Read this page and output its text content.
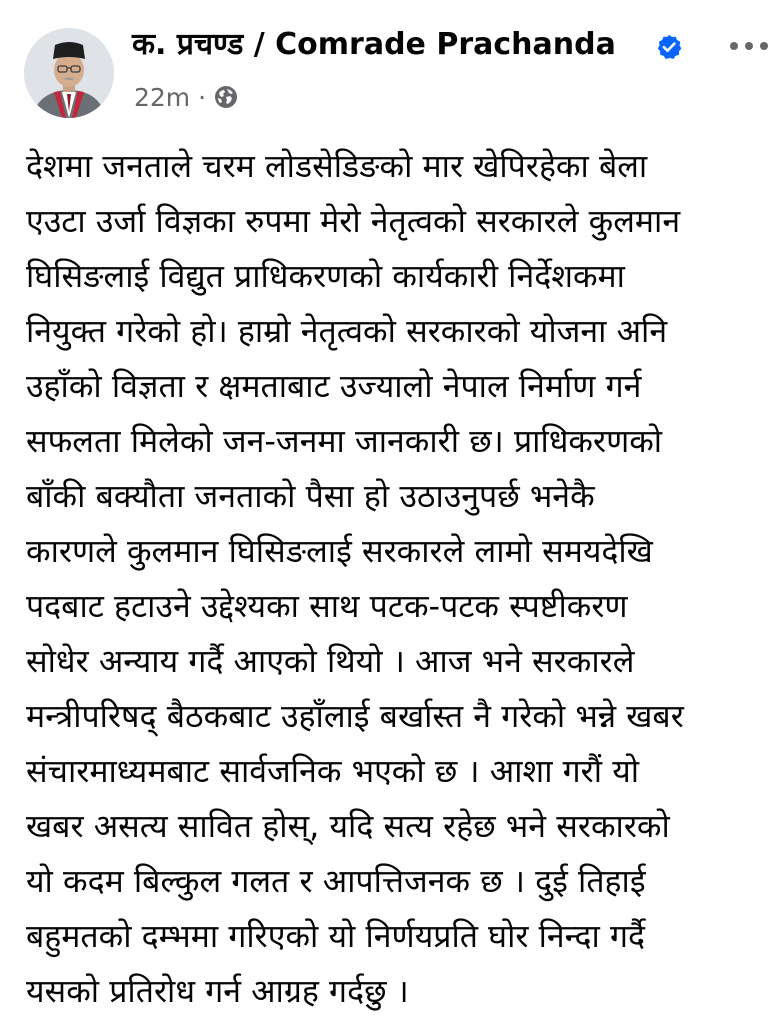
क. प्रचण्ड / Comrade Prachanda
22m ·
देशमा जनताले चरम लोडसेडिङको मार खेपिरहेका बेला
एउटा उर्जा विज्ञका रुपमा मेरो नेतृत्वको सरकारले कुलमान
घिसिङलाई विद्युत प्राधिकरणको कार्यकारी निर्देशकमा
नियुक्त गरेको हो। हाम्रो नेतृत्वको सरकारको योजना अनि
उहाँको विज्ञता र क्षमताबाट उज्यालो नेपाल निर्माण गर्न
सफलता मिलेको जन-जनमा जानकारी छ। प्राधिकरणको
बाँकी बक्यौता जनताको पैसा हो उठाउनुपर्छ भनेकै
कारणले कुलमान घिसिङलाई सरकारले लामो समयदेखि
पदबाट हटाउने उद्देश्यका साथ पटक-पटक स्पष्टीकरण
सोधेर अन्याय गर्दै आएको थियो । आज भने सरकारले
मन्त्रीपरिषद् बैठकबाट उहाँलाई बर्खास्त नै गरेको भन्ने खबर
संचारमाध्यमबाट सार्वजनिक भएको छ । आशा गरौं यो
खबर असत्य सावित होस्, यदि सत्य रहेछ भने सरकारको
यो कदम बिल्कुल गलत र आपत्तिजनक छ । दुई तिहाई
बहुमतको दम्भमा गरिएको यो निर्णयप्रति घोर निन्दा गर्दै
यसको प्रतिरोध गर्न आग्रह गर्दछु ।
